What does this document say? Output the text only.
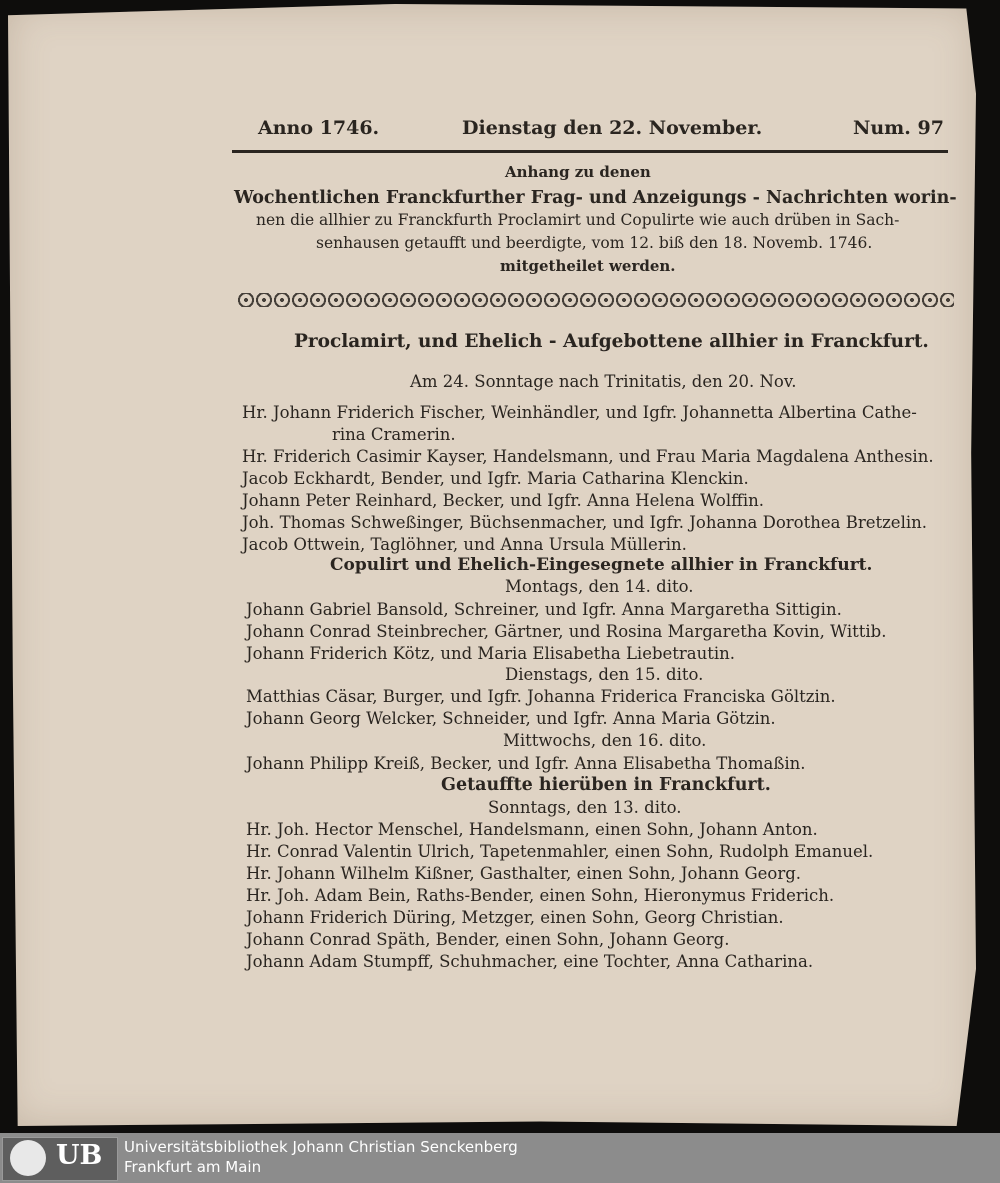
Anno 1746.	Dienstag den 22. November.	Num. 97
Anhang zu denen
Wochentlichen Franckfurther Frag- und Anzeigungs - Nachrichten worin-
nen die allhier zu Franckfurth Proclamirt und Copulirte wie auch drüben in Sach-
senhausen getaufft und beerdigte, vom 12. biß den 18. Novemb. 1746.
mitgetheilet werden.
Proclamirt, und Ehelich - Aufgebottene allhier in Franckfurt.
Am 24. Sonntage nach Trinitatis, den 20. Nov.
Hr. Johann Friderich Fischer, Weinhändler, und Igfr. Johannetta Albertina Cathe-
rina Cramerin.
Hr. Friderich Casimir Kayser, Handelsmann, und Frau Maria Magdalena Anthesin.
Jacob Eckhardt, Bender, und Igfr. Maria Catharina Klenckin.
Johann Peter Reinhard, Becker, und Igfr. Anna Helena Wolffin.
Joh. Thomas Schweßinger, Büchsenmacher, und Igfr. Johanna Dorothea Bretzelin.
Jacob Ottwein, Taglöhner, und Anna Ursula Müllerin.
Copulirt und Ehelich-Eingesegnete allhier in Franckfurt.
Montags, den 14. dito.
Johann Gabriel Bansold, Schreiner, und Igfr. Anna Margaretha Sittigin.
Johann Conrad Steinbrecher, Gärtner, und Rosina Margaretha Kovin, Wittib.
Johann Friderich Kötz, und Maria Elisabetha Liebetrautin.
Dienstags, den 15. dito.
Matthias Cäsar, Burger, und Igfr. Johanna Friderica Franciska Göltzin.
Johann Georg Welcker, Schneider, und Igfr. Anna Maria Götzin.
Mittwochs, den 16. dito.
Johann Philipp Kreiß, Becker, und Igfr. Anna Elisabetha Thomaßin.
Getauffte hierüben in Franckfurt.
Sonntags, den 13. dito.
Hr. Joh. Hector Menschel, Handelsmann, einen Sohn, Johann Anton.
Hr. Conrad Valentin Ulrich, Tapetenmahler, einen Sohn, Rudolph Emanuel.
Hr. Johann Wilhelm Kißner, Gasthalter, einen Sohn, Johann Georg.
Hr. Joh. Adam Bein, Raths-Bender, einen Sohn, Hieronymus Friderich.
Johann Friderich Düring, Metzger, einen Sohn, Georg Christian.
Johann Conrad Späth, Bender, einen Sohn, Johann Georg.
Johann Adam Stumpff, Schuhmacher, eine Tochter, Anna Catharina.
UB Universitätsbibliothek Johann Christian Senckenberg
Frankfurt am Main
